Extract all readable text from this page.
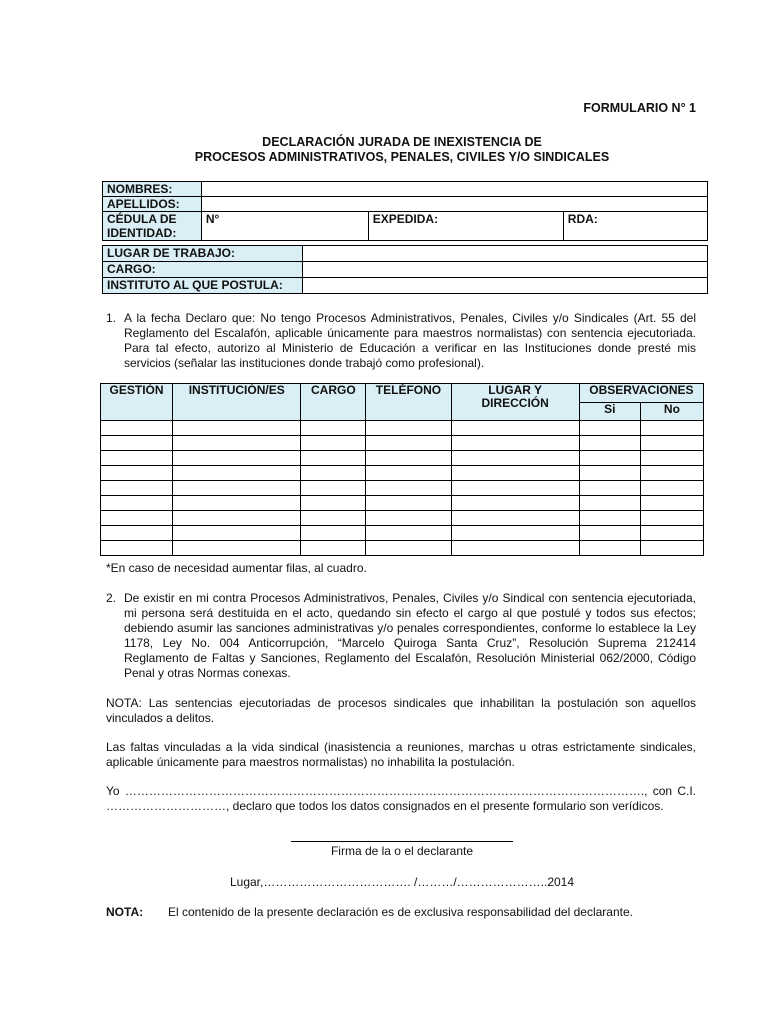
FORMULARIO N° 1
DECLARACIÓN JURADA DE INEXISTENCIA DE
PROCESOS ADMINISTRATIVOS, PENALES, CIVILES Y/O SINDICALES
NOMBRES:			
APELLIDOS:			
CÉDULA DE IDENTIDAD:	N°	EXPEDIDA:	RDA:
LUGAR DE TRABAJO:	
CARGO:	
INSTITUTO AL QUE POSTULA:	
1. A la fecha Declaro que: No tengo Procesos Administrativos, Penales, Civiles y/o Sindicales (Art. 55 del Reglamento del Escalafón, aplicable únicamente para maestros normalistas) con sentencia ejecutoriada. Para tal efecto, autorizo al Ministerio de Educación a verificar en las Instituciones donde presté mis servicios (señalar las instituciones donde trabajó como profesional).
GESTIÓN	INSTITUCIÓN/ES	CARGO	TELÉFONO	LUGAR Y DIRECCIÓN	OBSERVACIONES	
					Si	No

*En caso de necesidad aumentar filas, al cuadro.
2. De existir en mi contra Procesos Administrativos, Penales, Civiles y/o Sindical con sentencia ejecutoriada, mi persona será destituida en el acto, quedando sin efecto el cargo al que postulé y todos sus efectos; debiendo asumir las sanciones administrativas y/o penales correspondientes, conforme lo establece la Ley 1178, Ley No. 004 Anticorrupción, “Marcelo Quiroga Santa Cruz”, Resolución Suprema 212414 Reglamento de Faltas y Sanciones, Reglamento del Escalafón, Resolución Ministerial 062/2000, Código Penal y otras Normas conexas.
NOTA: Las sentencias ejecutoriadas de procesos sindicales que inhabilitan la postulación son aquellos vinculados a delitos.
Las faltas vinculadas a la vida sindical (inasistencia a reuniones, marchas u otras estrictamente sindicales, aplicable únicamente para maestros normalistas) no inhabilita la postulación.
Yo …………………………………………………………………………………………………………………., con C.I. …………………………, declaro que todos los datos consignados en el presente formulario son verídicos.
Firma de la o el declarante
Lugar,………………………………. /………/…………………..2014
NOTA: El contenido de la presente declaración es de exclusiva responsabilidad del declarante.
